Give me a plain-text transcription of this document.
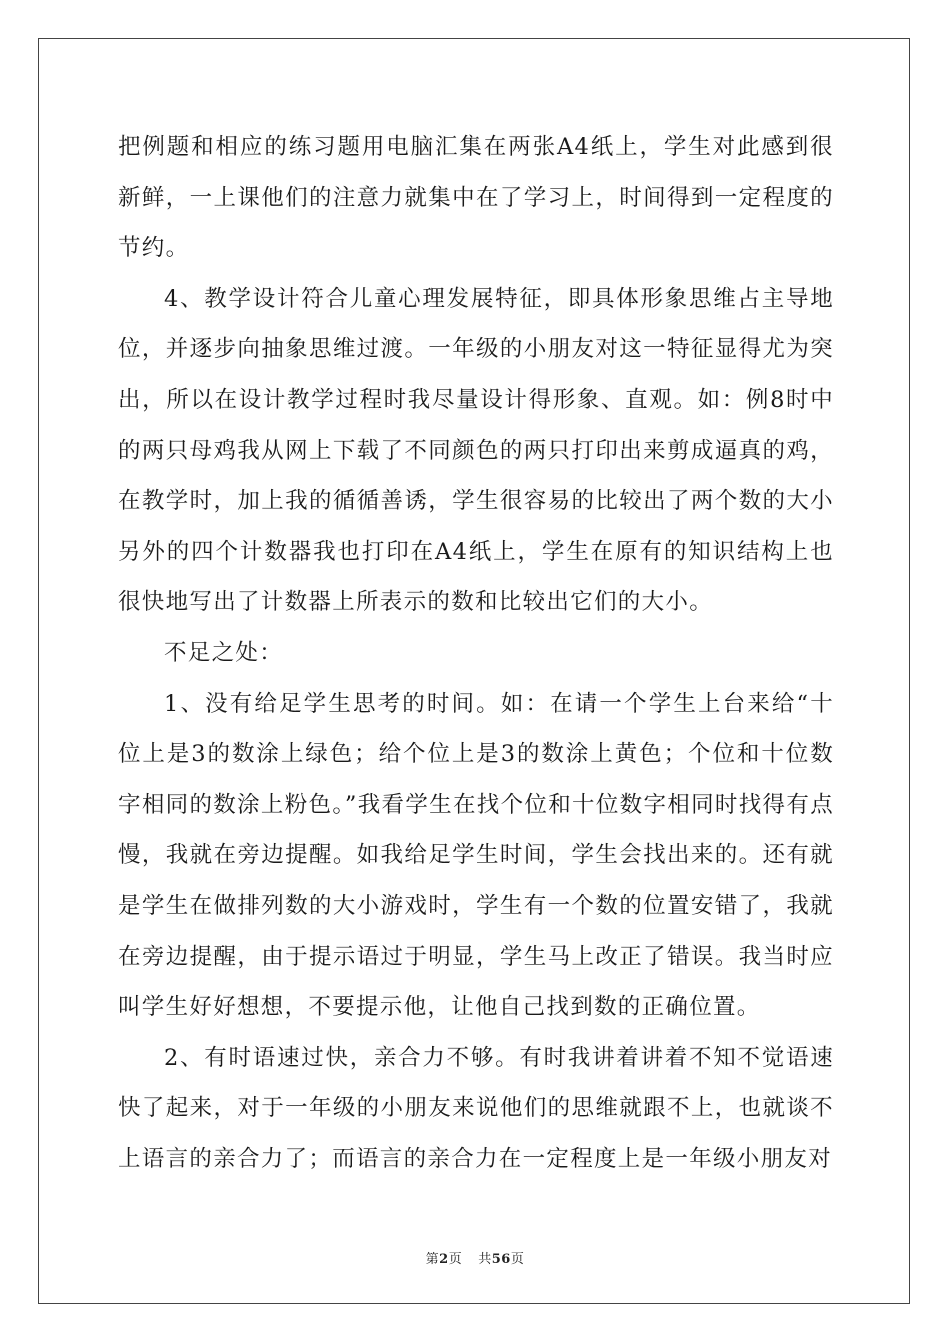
把例题和相应的练习题用电脑汇集在两张A4纸上，学生对此感到很新鲜，一上课他们的注意力就集中在了学习上，时间得到一定程度的节约。

4、教学设计符合儿童心理发展特征，即具体形象思维占主导地位，并逐步向抽象思维过渡。一年级的小朋友对这一特征显得尤为突出，所以在设计教学过程时我尽量设计得形象、直观。如：例8时中的两只母鸡我从网上下载了不同颜色的两只打印出来剪成逼真的鸡，在教学时，加上我的循循善诱，学生很容易的比较出了两个数的大小另外的四个计数器我也打印在A4纸上，学生在原有的知识结构上也很快地写出了计数器上所表示的数和比较出它们的大小。

不足之处：

1、没有给足学生思考的时间。如：在请一个学生上台来给“十位上是3的数涂上绿色；给个位上是3的数涂上黄色；个位和十位数字相同的数涂上粉色。”我看学生在找个位和十位数字相同时找得有点慢，我就在旁边提醒。如我给足学生时间，学生会找出来的。还有就是学生在做排列数的大小游戏时，学生有一个数的位置安错了，我就在旁边提醒，由于提示语过于明显，学生马上改正了错误。我当时应叫学生好好想想，不要提示他，让他自己找到数的正确位置。

2、有时语速过快，亲合力不够。有时我讲着讲着不知不觉语速快了起来，对于一年级的小朋友来说他们的思维就跟不上，也就谈不上语言的亲合力了；而语言的亲合力在一定程度上是一年级小朋友对

第2页 共56页
